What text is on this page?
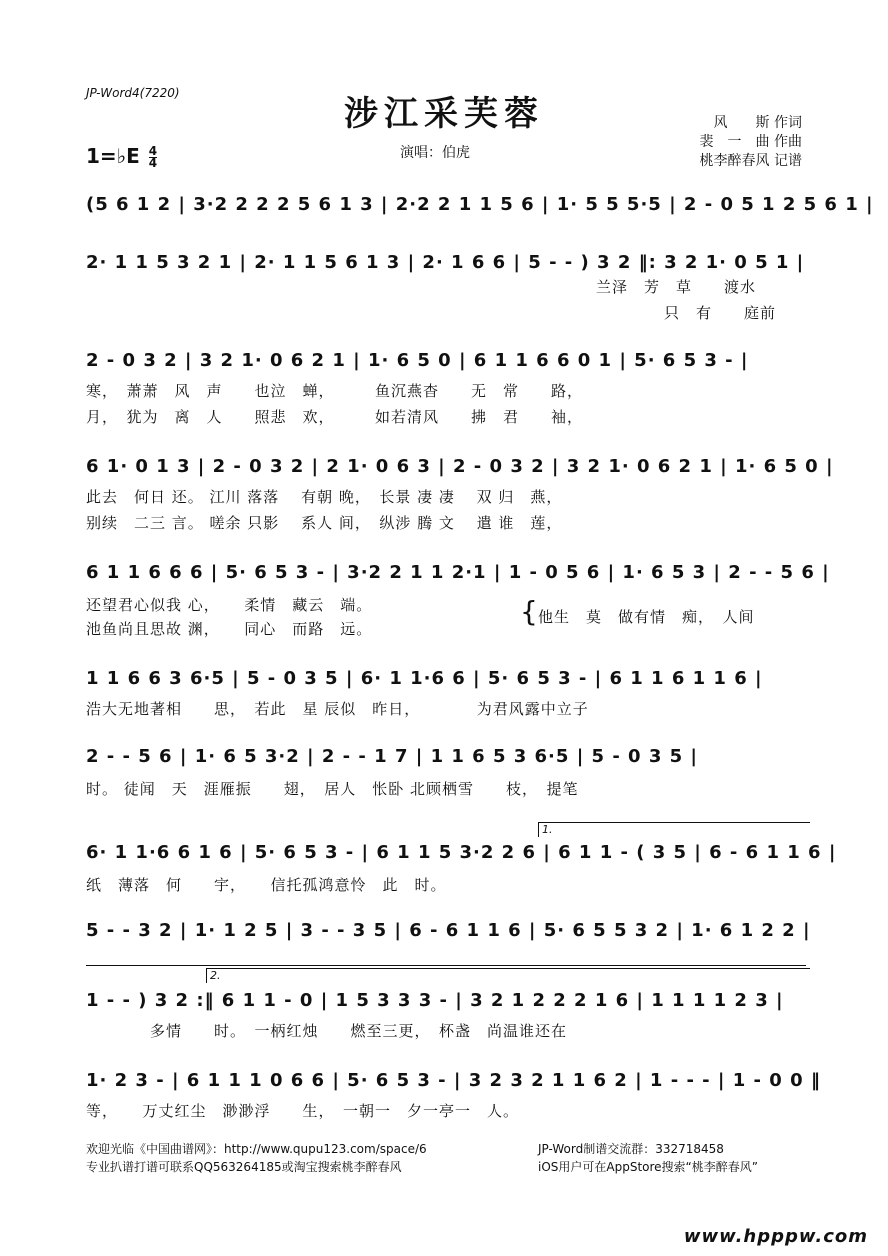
JP-Word4(7220)
涉江采芙蓉	风　　斯 作词
裴　一　曲 作曲
桃李醉春风 记谱
1=♭E $\frac{4}{4}$	演唱：伯虎
(5 6 1 2 | 3·2 2 2 2 5 6 1 3 | 2·2 2 1 1 5 6 | 1· 5 5 5·5 | 2 - 0 5 1 2 5 6 1 |
2· 1 1 5 3 2 1 | 2· 1 1 5 6 1 3 | 2· 1 6 6 | 5 - - ) 3 2 ‖: 3 2 1· 0 5 1 |
兰泽　芳　草　　渡水
只　有　　庭前
2 - 0 3 2 | 3 2 1· 0 6 2 1 | 1· 6 5 0 | 6 1 1 6 6 0 1 | 5· 6 5 3 - |
寒，　萧萧　风　声　　也泣　蝉，　　　鱼沉燕杳　　无　常　　路，
月，　犹为　离　人　　照悲　欢，　　　如若清风　　拂　君　　袖，
6 1· 0 1 3 | 2 - 0 3 2 | 2 1· 0 6 3 | 2 - 0 3 2 | 3 2 1· 0 6 2 1 | 1· 6 5 0 |
此去　何日 还。 江川 落落　 有朝 晚，　长景 凄 凄　 双 归　燕，
别续　二三 言。 嗟余 只影　 系人 间，　纵涉 腾 文　 遣 谁　莲，
6 1 1 6 6 6 | 5· 6 5 3 - | 3·2 2 1 1 2·1 | 1 - 0 5 6 | 1· 6 5 3 | 2 - - 5 6 |
还望君心似我 心，　　柔情　藏云　端。
池鱼尚且思故 渊，　　同心　而路　远。
{ 他生　莫　做有情　痴，　人间
1 1 6 6 3 6·5 | 5 - 0 3 5 | 6· 1 1·6 6 | 5· 6 5 3 - | 6 1 1 6 1 1 6 |
浩大无地著相　　思，　若此　星 辰似　昨日，　　　　为君风露中立子
2 - - 5 6 | 1· 6 5 3·2 | 2 - - 1 7 | 1 1 6 5 3 6·5 | 5 - 0 3 5 |
时。 徒闻　天　涯雁振　　翅，　居人　怅卧 北顾栖雪　　枝，　提笔
1.
6· 1 1·6 6 1 6 | 5· 6 5 3 - | 6 1 1 5 3·2 2 6 | 6 1 1 - ( 3 5 | 6 - 6 1 1 6 |
纸　薄落　何　　宇，　　信托孤鸿意怜　此　时。
5 - - 3 2 | 1· 1 2 5 | 3 - - 3 5 | 6 - 6 1 1 6 | 5· 6 5 5 3 2 | 1· 6 1 2 2 |
2.
1 - - ) 3 2 :‖ 6 1 1 - 0 | 1 5 3 3 3 - | 3 2 1 2 2 2 1 6 | 1 1 1 1 2 3 |
　　　　多情　　时。　一柄红烛　　燃至三更，　杯盏　尚温谁还在
1· 2 3 - | 6 1 1 1 0 6 6 | 5· 6 5 3 - | 3 2 3 2 1 1 6 2 | 1 - - - | 1 - 0 0 ‖
等，　　万丈红尘　渺渺浮　　生，　一朝一　夕一亭一　人。
欢迎光临《中国曲谱网》：http://www.qupu123.com/space/6
专业扒谱打谱可联系QQ563264185或淘宝搜索桃李醉春风
JP-Word制谱交流群：332718458
iOS用户可在AppStore搜索“桃李醉春风”
www.hpppw.com
